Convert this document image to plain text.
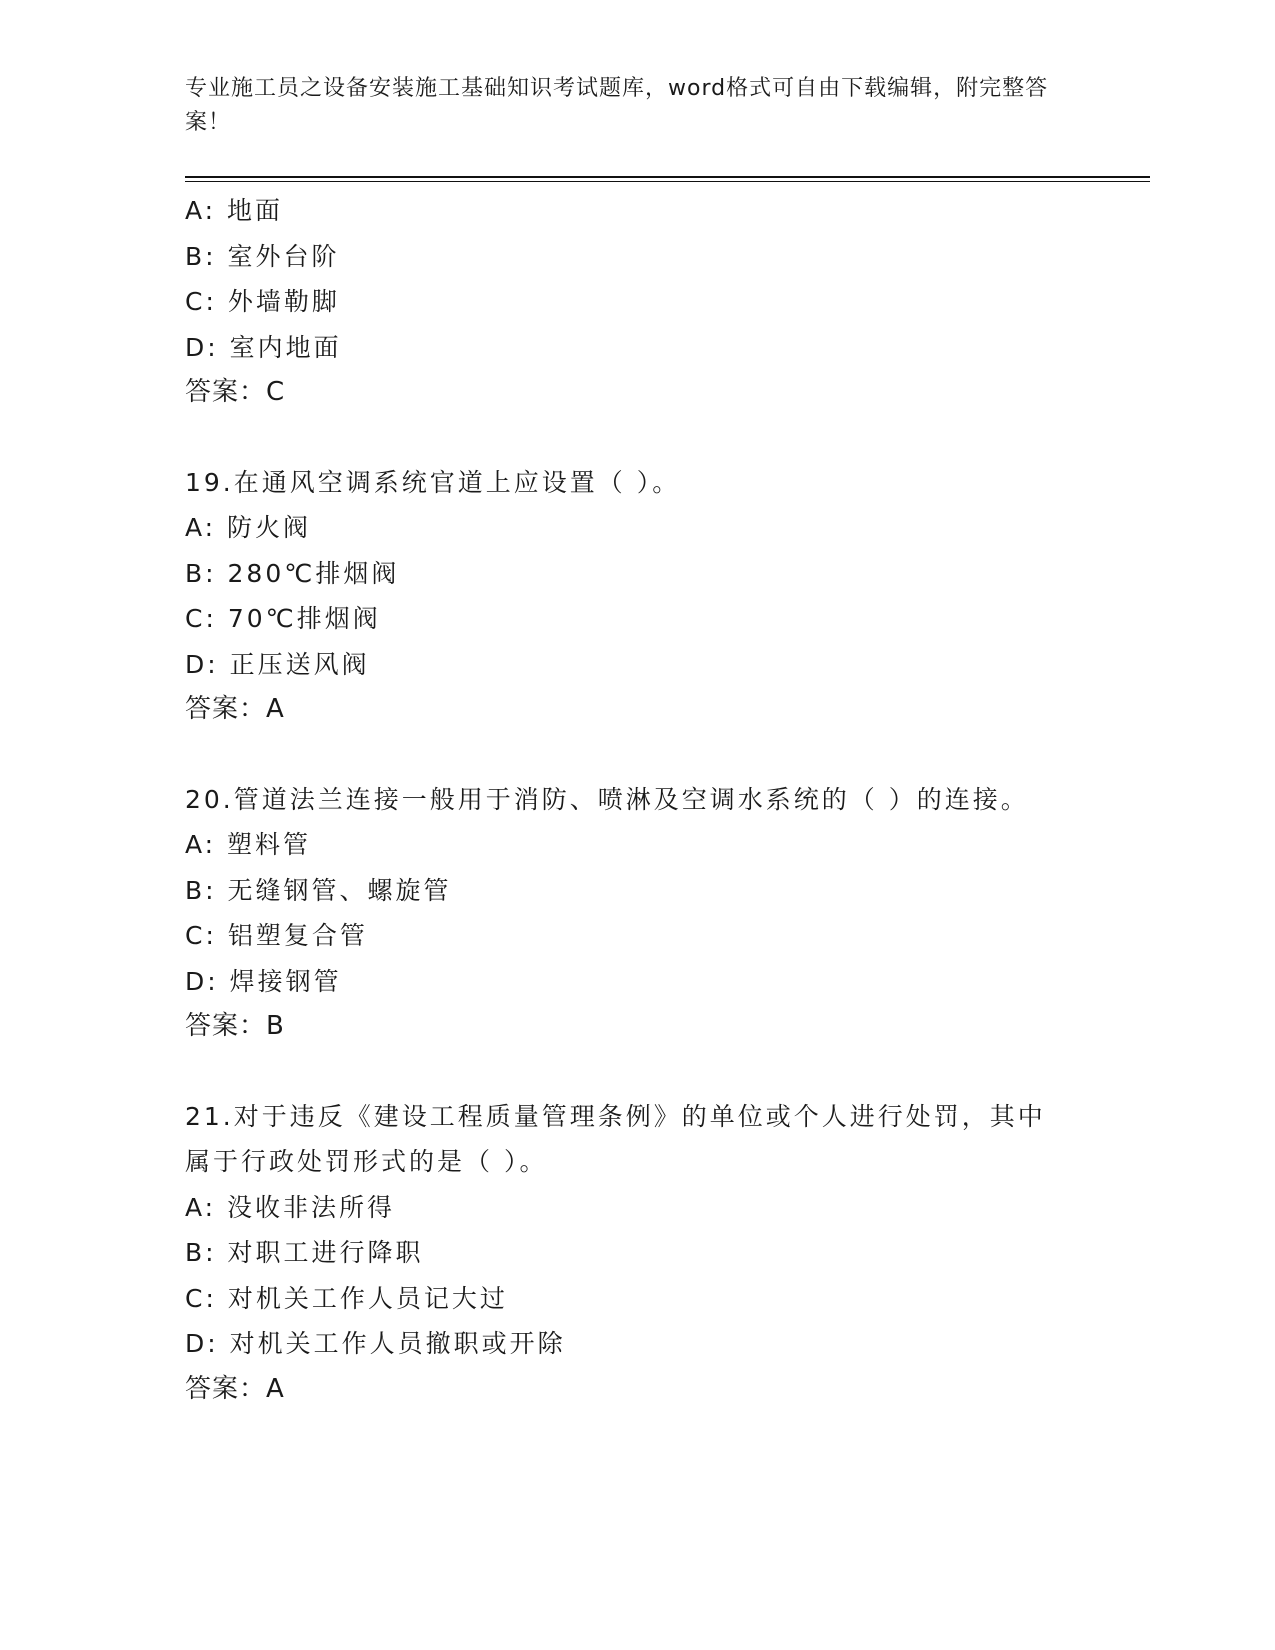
专业施工员之设备安装施工基础知识考试题库，word格式可自由下载编辑，附完整答案！
A: 地面
B: 室外台阶
C: 外墙勒脚
D: 室内地面
答案：C
19.在通风空调系统官道上应设置（ ）。
A: 防火阀
B: 280℃排烟阀
C: 70℃排烟阀
D: 正压送风阀
答案：A
20.管道法兰连接一般用于消防、喷淋及空调水系统的（ ）的连接。
A: 塑料管
B: 无缝钢管、螺旋管
C: 铝塑复合管
D: 焊接钢管
答案：B
21.对于违反《建设工程质量管理条例》的单位或个人进行处罚，其中属于行政处罚形式的是（ ）。
A: 没收非法所得
B: 对职工进行降职
C: 对机关工作人员记大过
D: 对机关工作人员撤职或开除
答案：A
